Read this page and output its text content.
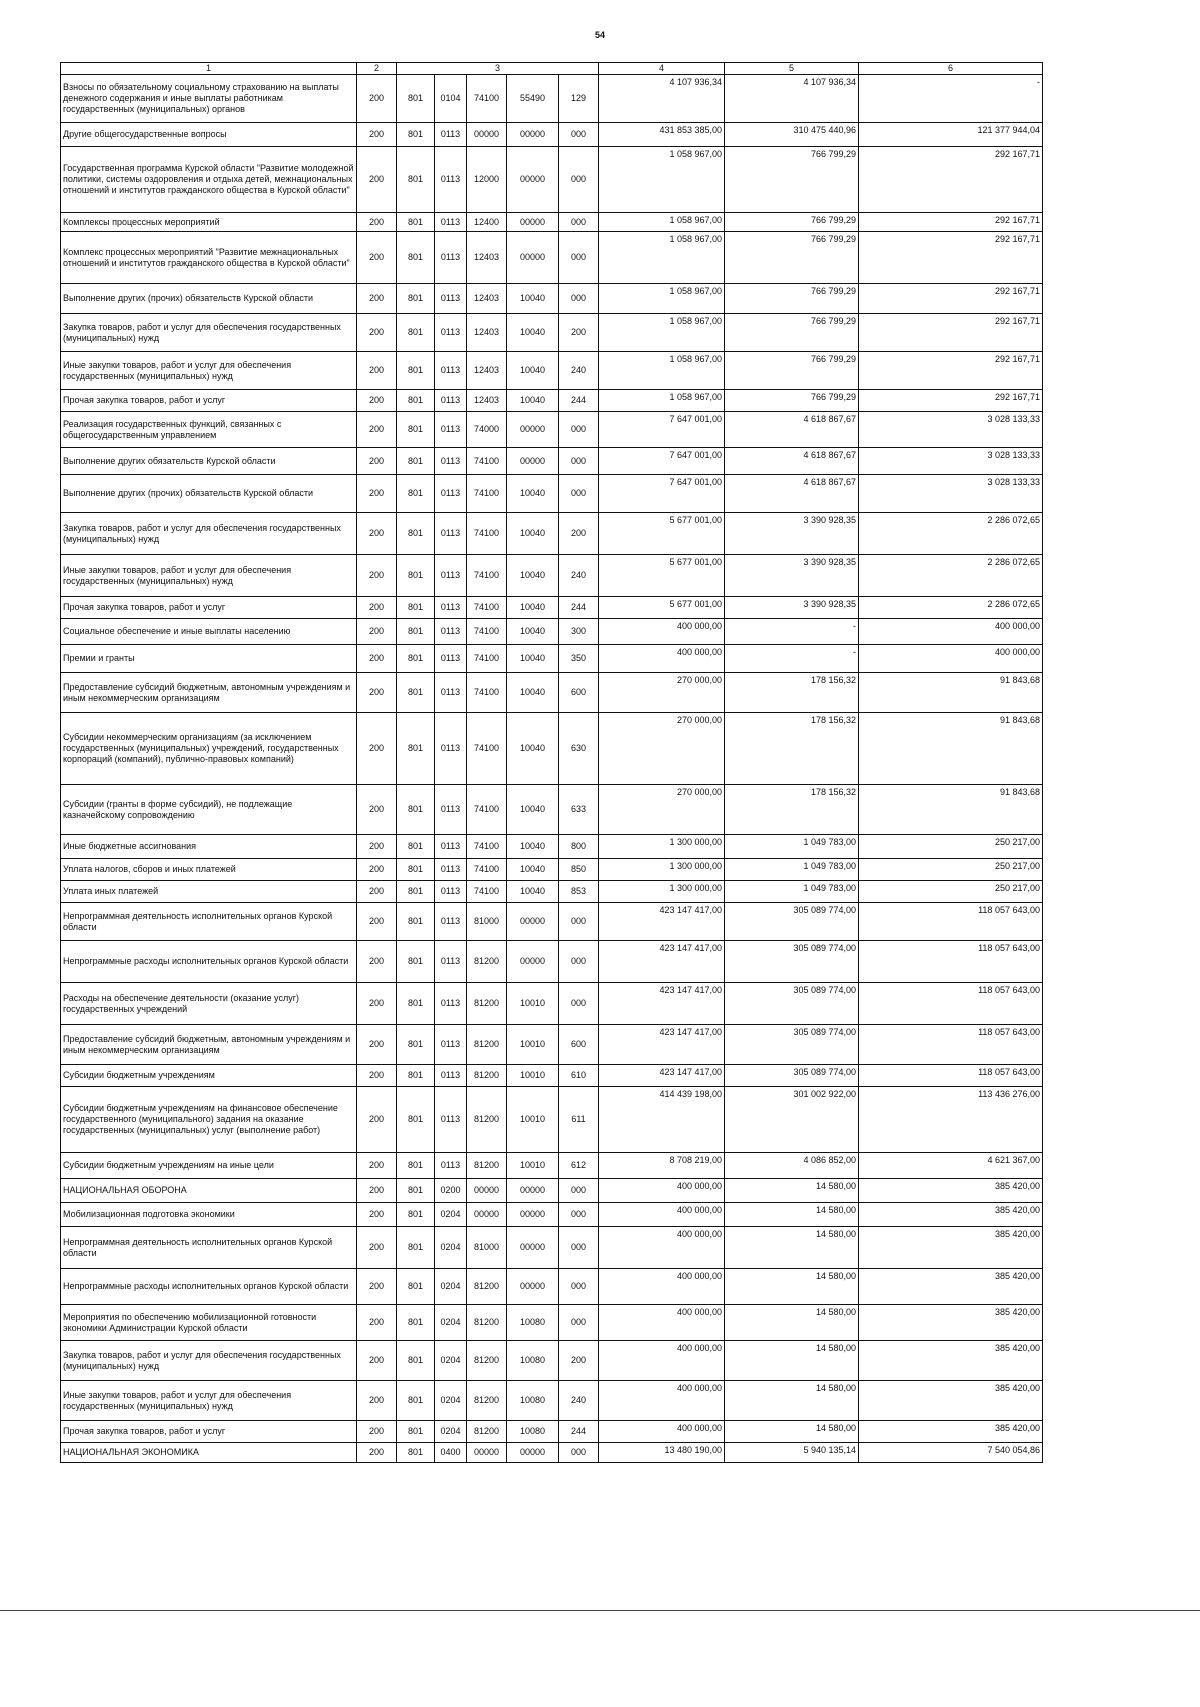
54
1	2	3					4	5	6
Взносы по обязательному социальному страхованию на выплаты денежного содержания и иные выплаты работникам государственных (муниципальных) органов	200	801	0104	74100	55490	129	4 107 936,34	4 107 936,34	-
Другие общегосударственные вопросы	200	801	0113	00000	00000	000	431 853 385,00	310 475 440,96	121 377 944,04
Государственная программа Курской области "Развитие молодежной политики, системы оздоровления и отдыха детей, межнациональных отношений и институтов гражданского общества в Курской области"	200	801	0113	12000	00000	000	1 058 967,00	766 799,29	292 167,71
Комплексы процессных мероприятий	200	801	0113	12400	00000	000	1 058 967,00	766 799,29	292 167,71
Комплекс процессных мероприятий "Развитие межнациональных отношений и институтов гражданского общества в Курской области"	200	801	0113	12403	00000	000	1 058 967,00	766 799,29	292 167,71
Выполнение других (прочих) обязательств Курской области	200	801	0113	12403	10040	000	1 058 967,00	766 799,29	292 167,71
Закупка товаров, работ и услуг для обеспечения государственных (муниципальных) нужд	200	801	0113	12403	10040	200	1 058 967,00	766 799,29	292 167,71
Иные закупки товаров, работ и услуг для обеспечения государственных (муниципальных) нужд	200	801	0113	12403	10040	240	1 058 967,00	766 799,29	292 167,71
Прочая закупка товаров, работ и услуг	200	801	0113	12403	10040	244	1 058 967,00	766 799,29	292 167,71
Реализация государственных функций, связанных с общегосударственным управлением	200	801	0113	74000	00000	000	7 647 001,00	4 618 867,67	3 028 133,33
Выполнение других обязательств Курской области	200	801	0113	74100	00000	000	7 647 001,00	4 618 867,67	3 028 133,33
Выполнение других (прочих) обязательств Курской области	200	801	0113	74100	10040	000	7 647 001,00	4 618 867,67	3 028 133,33
Закупка товаров, работ и услуг для обеспечения государственных (муниципальных) нужд	200	801	0113	74100	10040	200	5 677 001,00	3 390 928,35	2 286 072,65
Иные закупки товаров, работ и услуг для обеспечения государственных (муниципальных) нужд	200	801	0113	74100	10040	240	5 677 001,00	3 390 928,35	2 286 072,65
Прочая закупка товаров, работ и услуг	200	801	0113	74100	10040	244	5 677 001,00	3 390 928,35	2 286 072,65
Социальное обеспечение и иные выплаты населению	200	801	0113	74100	10040	300	400 000,00	-	400 000,00
Премии и гранты	200	801	0113	74100	10040	350	400 000,00	-	400 000,00
Предоставление субсидий бюджетным, автономным учреждениям и иным некоммерческим организациям	200	801	0113	74100	10040	600	270 000,00	178 156,32	91 843,68
Субсидии некоммерческим организациям (за исключением государственных (муниципальных) учреждений, государственных корпораций (компаний), публично-правовых компаний)	200	801	0113	74100	10040	630	270 000,00	178 156,32	91 843,68
Субсидии (гранты в форме субсидий), не подлежащие казначейскому сопровождению	200	801	0113	74100	10040	633	270 000,00	178 156,32	91 843,68
Иные бюджетные ассигнования	200	801	0113	74100	10040	800	1 300 000,00	1 049 783,00	250 217,00
Уплата налогов, сборов и иных платежей	200	801	0113	74100	10040	850	1 300 000,00	1 049 783,00	250 217,00
Уплата иных платежей	200	801	0113	74100	10040	853	1 300 000,00	1 049 783,00	250 217,00
Непрограммная деятельность исполнительных органов Курской области	200	801	0113	81000	00000	000	423 147 417,00	305 089 774,00	118 057 643,00
Непрограммные расходы исполнительных органов Курской области	200	801	0113	81200	00000	000	423 147 417,00	305 089 774,00	118 057 643,00
Расходы на обеспечение деятельности (оказание услуг) государственных учреждений	200	801	0113	81200	10010	000	423 147 417,00	305 089 774,00	118 057 643,00
Предоставление субсидий бюджетным, автономным учреждениям и иным некоммерческим организациям	200	801	0113	81200	10010	600	423 147 417,00	305 089 774,00	118 057 643,00
Субсидии бюджетным учреждениям	200	801	0113	81200	10010	610	423 147 417,00	305 089 774,00	118 057 643,00
Субсидии бюджетным учреждениям на финансовое обеспечение государственного (муниципального) задания на оказание государственных (муниципальных) услуг (выполнение работ)	200	801	0113	81200	10010	611	414 439 198,00	301 002 922,00	113 436 276,00
Субсидии бюджетным учреждениям на иные цели	200	801	0113	81200	10010	612	8 708 219,00	4 086 852,00	4 621 367,00
НАЦИОНАЛЬНАЯ ОБОРОНА	200	801	0200	00000	00000	000	400 000,00	14 580,00	385 420,00
Мобилизационная подготовка экономики	200	801	0204	00000	00000	000	400 000,00	14 580,00	385 420,00
Непрограммная деятельность исполнительных органов Курской области	200	801	0204	81000	00000	000	400 000,00	14 580,00	385 420,00
Непрограммные расходы исполнительных органов Курской области	200	801	0204	81200	00000	000	400 000,00	14 580,00	385 420,00
Мероприятия по обеспечению мобилизационной готовности экономики Администрации Курской области	200	801	0204	81200	10080	000	400 000,00	14 580,00	385 420,00
Закупка товаров, работ и услуг для обеспечения государственных (муниципальных) нужд	200	801	0204	81200	10080	200	400 000,00	14 580,00	385 420,00
Иные закупки товаров, работ и услуг для обеспечения государственных (муниципальных) нужд	200	801	0204	81200	10080	240	400 000,00	14 580,00	385 420,00
Прочая закупка товаров, работ и услуг	200	801	0204	81200	10080	244	400 000,00	14 580,00	385 420,00
НАЦИОНАЛЬНАЯ ЭКОНОМИКА	200	801	0400	00000	00000	000	13 480 190,00	5 940 135,14	7 540 054,86
